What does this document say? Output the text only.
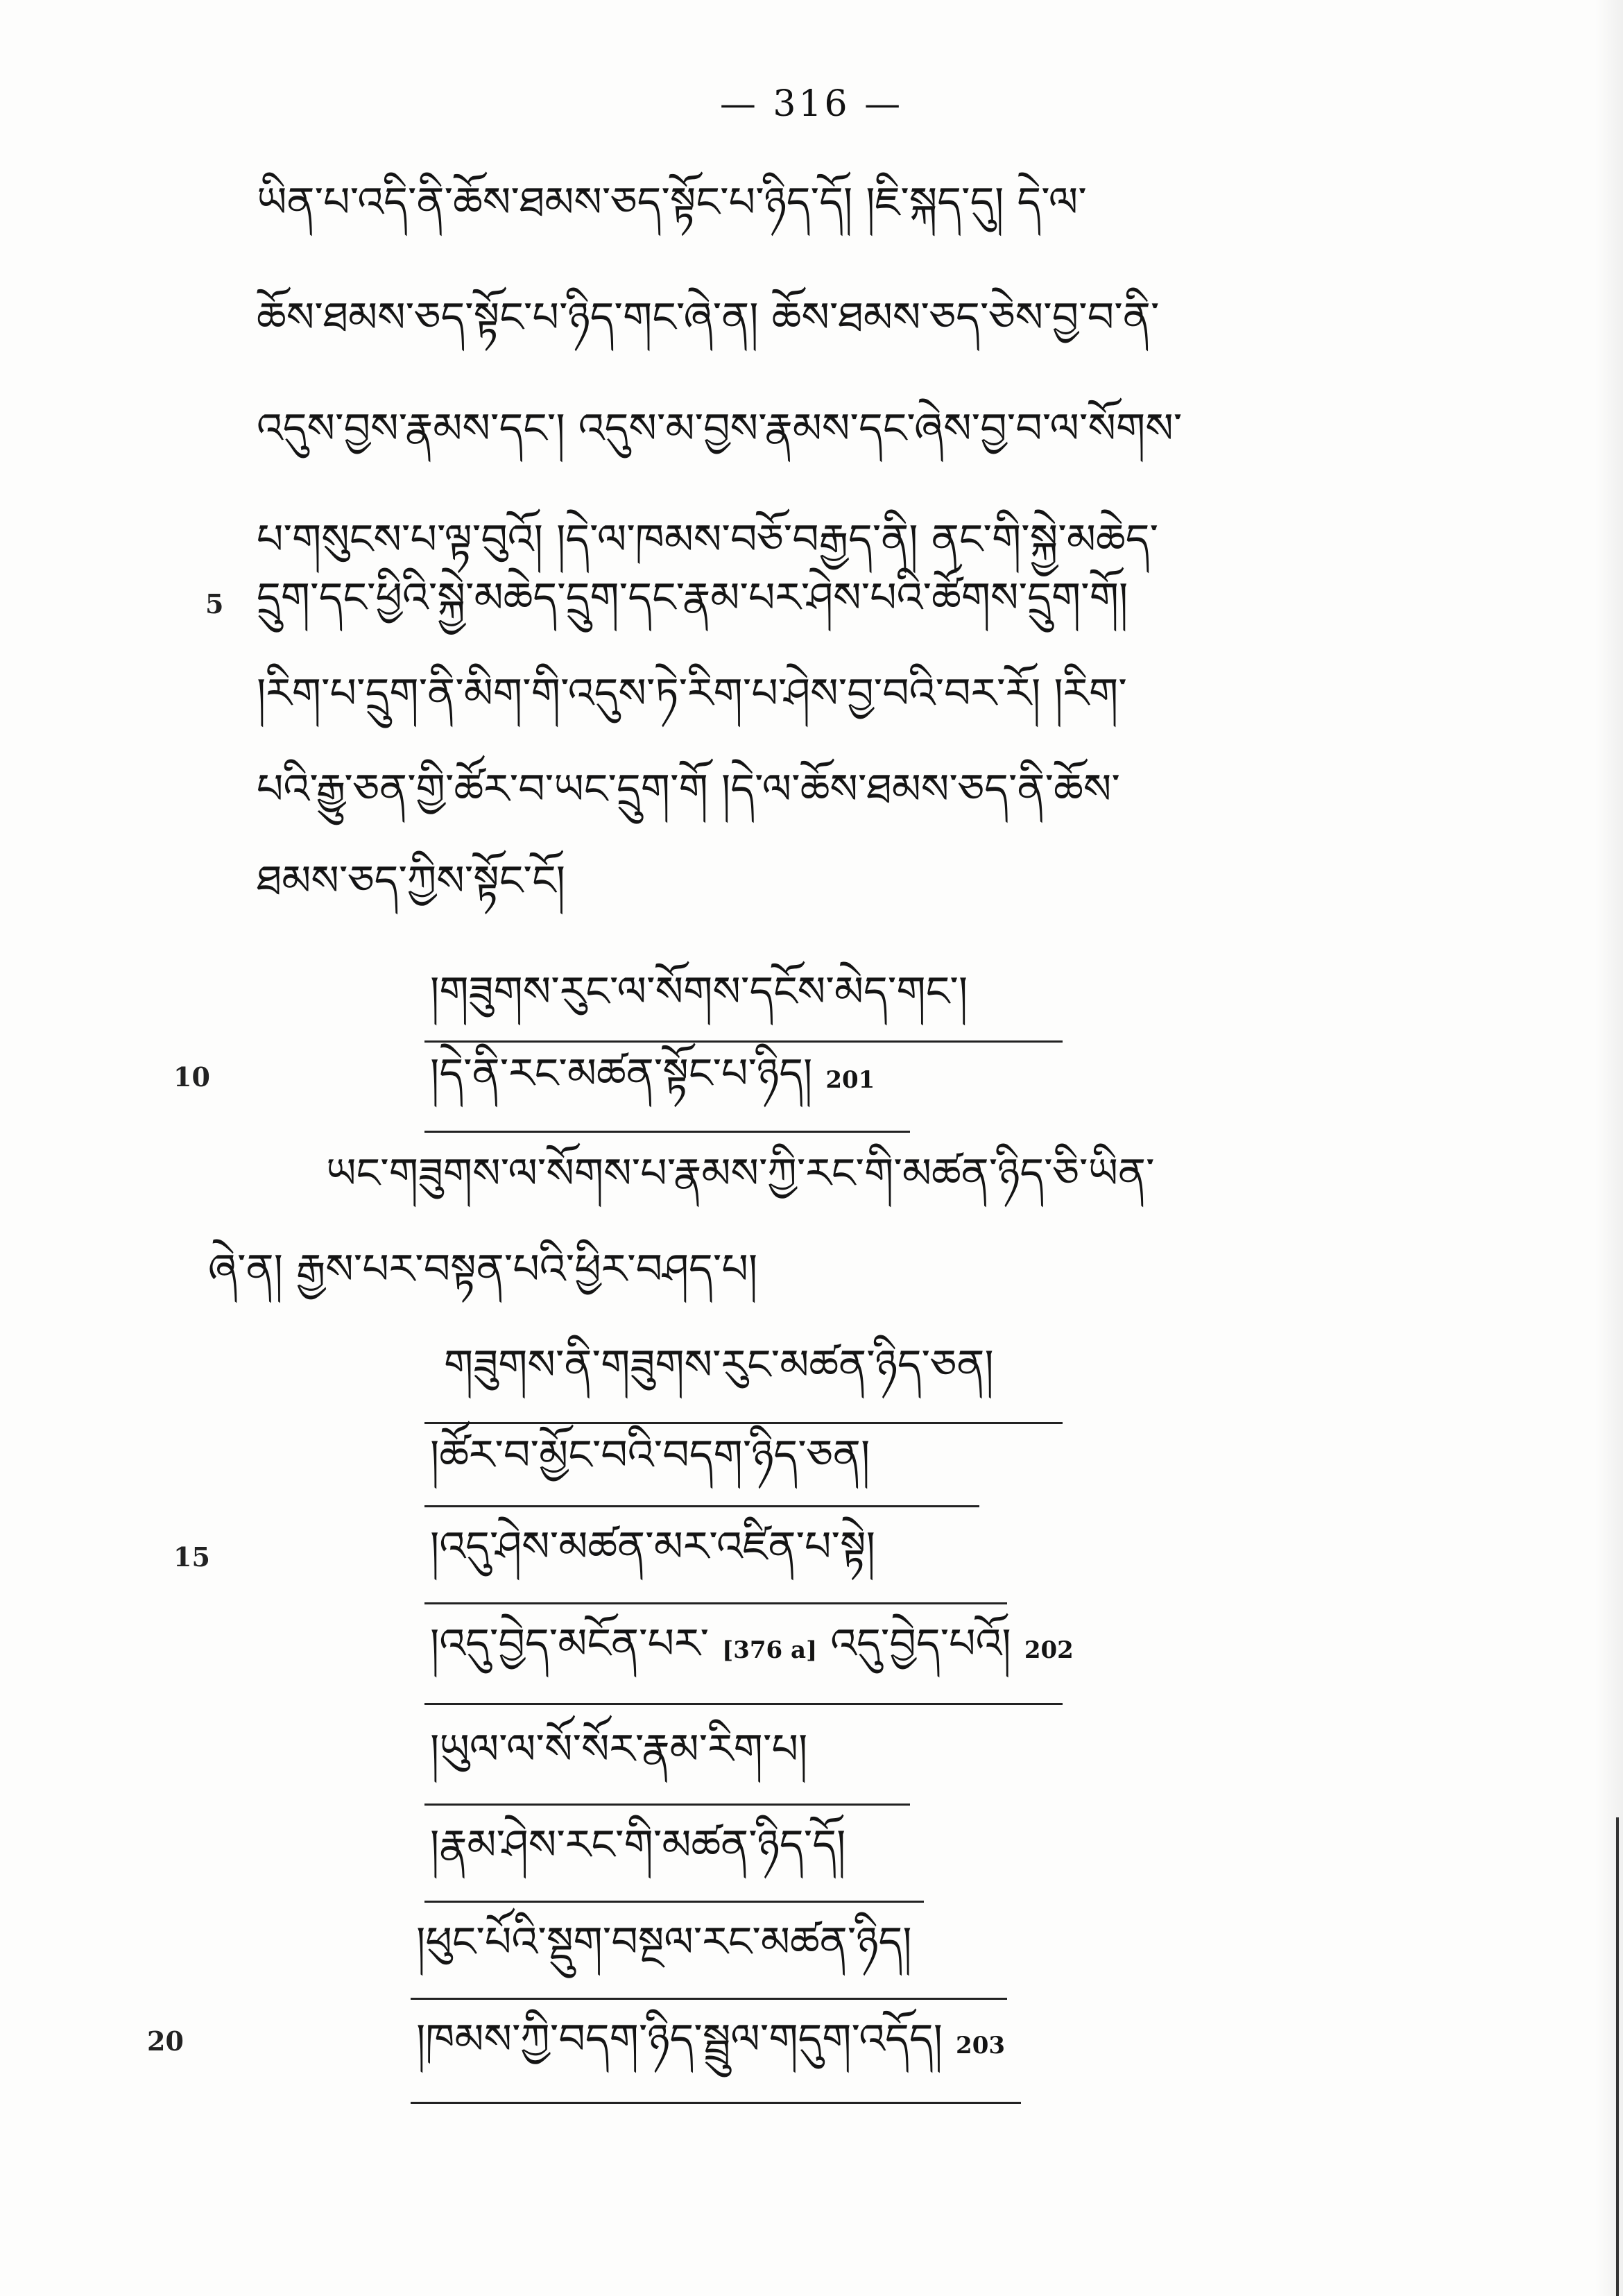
— 316 —
ཡིན་པ་འདི་ནི་ཆོས་ཐམས་ཅད་སྟོང་པ་ཉིད་དོ། །ཇི་སྐད་དུ། དེ་ལ་
ཆོས་ཐམས་ཅད་སྟོང་པ་ཉིད་གང་ཞེ་ན། ཆོས་ཐམས་ཅད་ཅེས་བྱ་བ་ནི་
འདུས་བྱས་རྣམས་དང་། འདུས་མ་བྱས་རྣམས་དང་ཞེས་བྱ་བ་ལ་སོགས་
པ་གསུངས་པ་ལྟ་བུའོ། །དེ་ལ་ཁམས་བཅོ་བརྒྱད་ནི། ནང་གི་སྐྱེ་མཆེད་
5 དྲུག་དང་ཕྱིའི་སྐྱེ་མཆེད་དྲུག་དང་རྣམ་པར་ཤེས་པའི་ཚོགས་དྲུག་གོ།
།རིག་པ་དྲུག་ནི་མིག་གི་འདུས་ཏེ་རིག་པ་ཤེས་བྱ་བའི་བར་རོ། །རིག་
པའི་རྒྱུ་ཅན་གྱི་ཚོར་བ་ཡང་དྲུག་གོ །དེ་ལ་ཆོས་ཐམས་ཅད་ནི་ཆོས་
ཐམས་ཅད་ཀྱིས་སྟོང་ངོ།
།གཟུགས་རུང་ལ་སོགས་དངོས་མེད་གང་།
10	།དེ་ནི་རང་མཚན་སྟོང་པ་ཉིད། 201
ཡང་གཟུགས་ལ་སོགས་པ་རྣམས་ཀྱི་རང་གི་མཚན་ཉིད་ཅི་ཡིན་
ཞེ་ན། རྒྱས་པར་བསྟན་པའི་ཕྱིར་བཤད་པ།
གཟུགས་ནི་གཟུགས་རུང་མཚན་ཉིད་ཅན།
།ཚོར་བ་མྱོང་བའི་བདག་ཉིད་ཅན།
15	།འདུ་ཤེས་མཚན་མར་འཛིན་པ་སྟེ།
།འདུ་བྱེད་མངོན་པར་ [376 a] འདུ་བྱེད་པའོ། 202
།ཡུལ་ལ་སོ་སོར་རྣམ་རིག་པ།
།རྣམ་ཤེས་རང་གི་མཚན་ཉིད་དོ།
།ཕུང་པོའི་སྡུག་བསྔལ་རང་མཚན་ཉིད།
20	།ཁམས་ཀྱི་བདག་ཉིད་སྦྲུལ་གདུག་འདོད། 203
